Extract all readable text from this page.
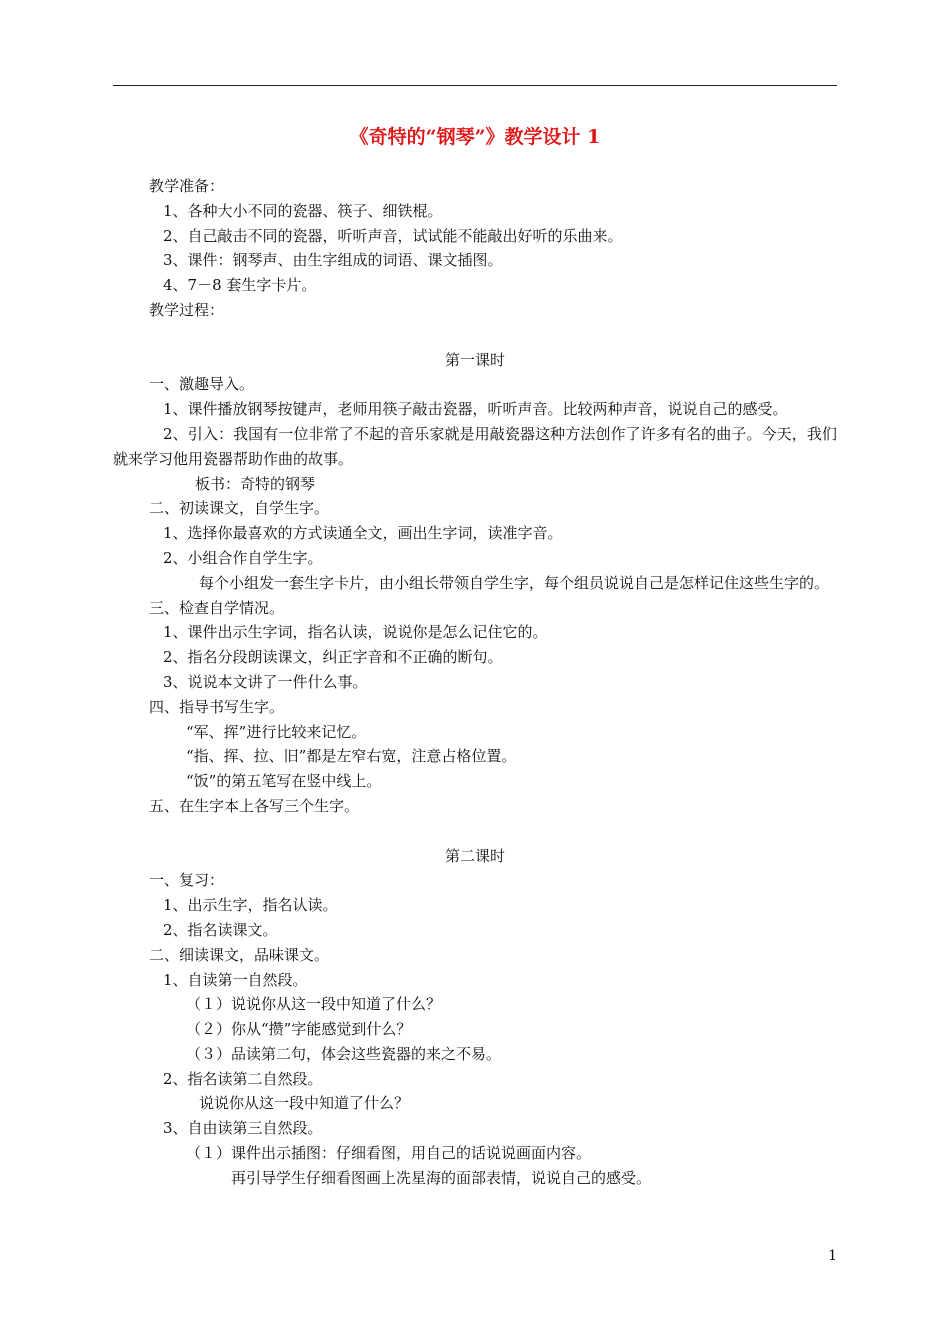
《奇特的“钢琴”》教学设计 1
教学准备：
1、各种大小不同的瓷器、筷子、细铁棍。
2、自己敲击不同的瓷器，听听声音，试试能不能敲出好听的乐曲来。
3、课件：钢琴声、由生字组成的词语、课文插图。
4、7－8 套生字卡片。
教学过程：
第一课时
一、激趣导入。
1、课件播放钢琴按键声，老师用筷子敲击瓷器，听听声音。比较两种声音，说说自己的感受。
2、引入：我国有一位非常了不起的音乐家就是用敲瓷器这种方法创作了许多有名的曲子。今天，我们就来学习他用瓷器帮助作曲的故事。
板书：奇特的钢琴
二、初读课文，自学生字。
1、选择你最喜欢的方式读通全文，画出生字词，读准字音。
2、小组合作自学生字。
每个小组发一套生字卡片，由小组长带领自学生字，每个组员说说自己是怎样记住这些生字的。
三、检查自学情况。
1、课件出示生字词，指名认读，说说你是怎么记住它的。
2、指名分段朗读课文，纠正字音和不正确的断句。
3、说说本文讲了一件什么事。
四、指导书写生字。
“军、挥”进行比较来记忆。
“指、挥、拉、旧”都是左窄右宽，注意占格位置。
“饭”的第五笔写在竖中线上。
五、在生字本上各写三个生字。
第二课时
一、复习：
1、出示生字，指名认读。
2、指名读课文。
二、细读课文，品味课文。
1、自读第一自然段。
（１）说说你从这一段中知道了什么？
（２）你从“攒”字能感觉到什么？
（３）品读第二句，体会这些瓷器的来之不易。
2、指名读第二自然段。
说说你从这一段中知道了什么？
3、自由读第三自然段。
（１）课件出示插图：仔细看图，用自己的话说说画面内容。
再引导学生仔细看图画上冼星海的面部表情，说说自己的感受。
1
